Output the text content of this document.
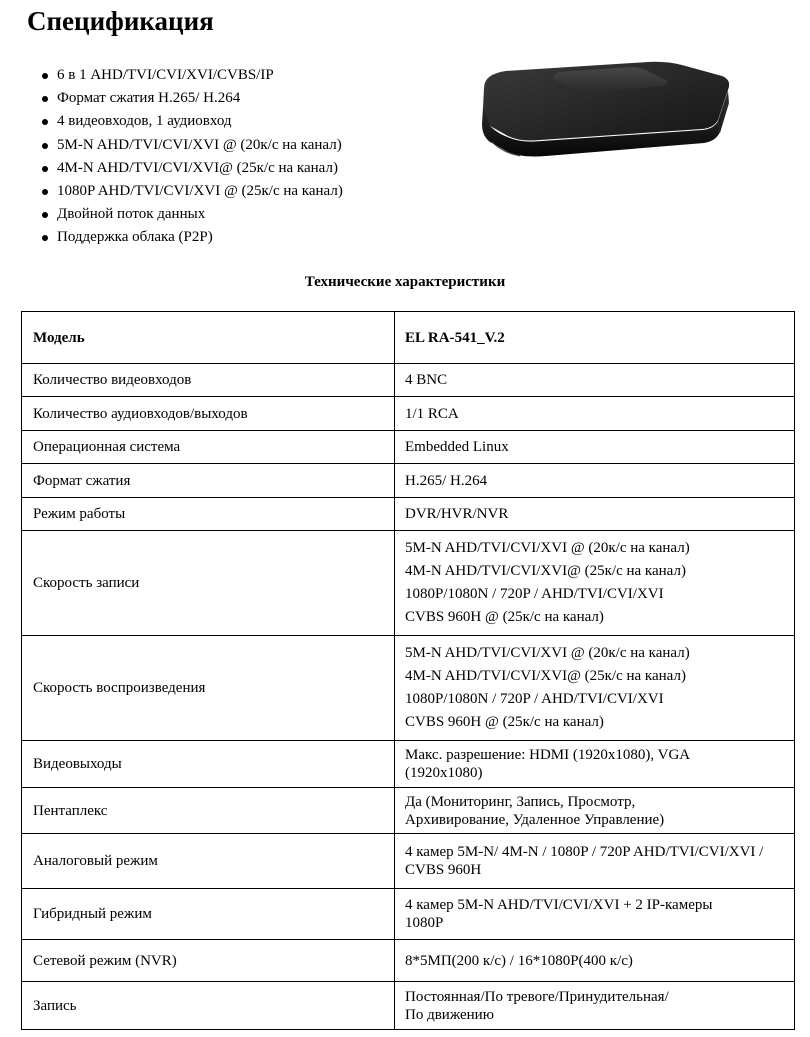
Спецификация
6 в 1 AHD/TVI/CVI/XVI/CVBS/IP
Формат сжатия H.265/ H.264
4 видеовходов, 1 аудиовход
5M-N AHD/TVI/CVI/XVI @ (20к/с на канал)
4M-N AHD/TVI/CVI/XVI@ (25к/с на канал)
1080P AHD/TVI/CVI/XVI @ (25к/с на канал)
Двойной поток данных
Поддержка облака (P2P)
Технические характеристики
Модель	EL RA-541_V.2
Количество видеовходов	4 BNC

Количество аудиовходов/выходов	1/1 RCA

Операционная система	Embedded Linux

Формат сжатия	H.265/ H.264

Режим работы	DVR/HVR/NVR

Скорость записи	5M-N AHD/TVI/CVI/XVI @ (20к/с на канал)
4M-N AHD/TVI/CVI/XVI@ (25к/с на канал)
1080P/1080N / 720P / AHD/TVI/CVI/XVI
CVBS 960H @ (25к/с на канал)

Скорость воспроизведения	5M-N AHD/TVI/CVI/XVI @ (20к/с на канал)
4M-N AHD/TVI/CVI/XVI@ (25к/с на канал)
1080P/1080N / 720P / AHD/TVI/CVI/XVI
CVBS 960H @ (25к/с на канал)

Видеовыходы	Макс. разрешение: HDMI (1920x1080), VGA
(1920x1080)

Пентаплекс	Да (Мониторинг, Запись, Просмотр,
Архивирование, Удаленное Управление)

Аналоговый режим	4 камер 5M-N/ 4M-N / 1080P / 720P AHD/TVI/CVI/XVI /
CVBS 960H

Гибридный режим	4 камер 5M-N AHD/TVI/CVI/XVI + 2 IP-камеры
1080P

Сетевой режим (NVR)	8*5МП(200 к/с) / 16*1080P(400 к/с)

Запись	Постоянная/По тревоге/Принудительная/
По движению
